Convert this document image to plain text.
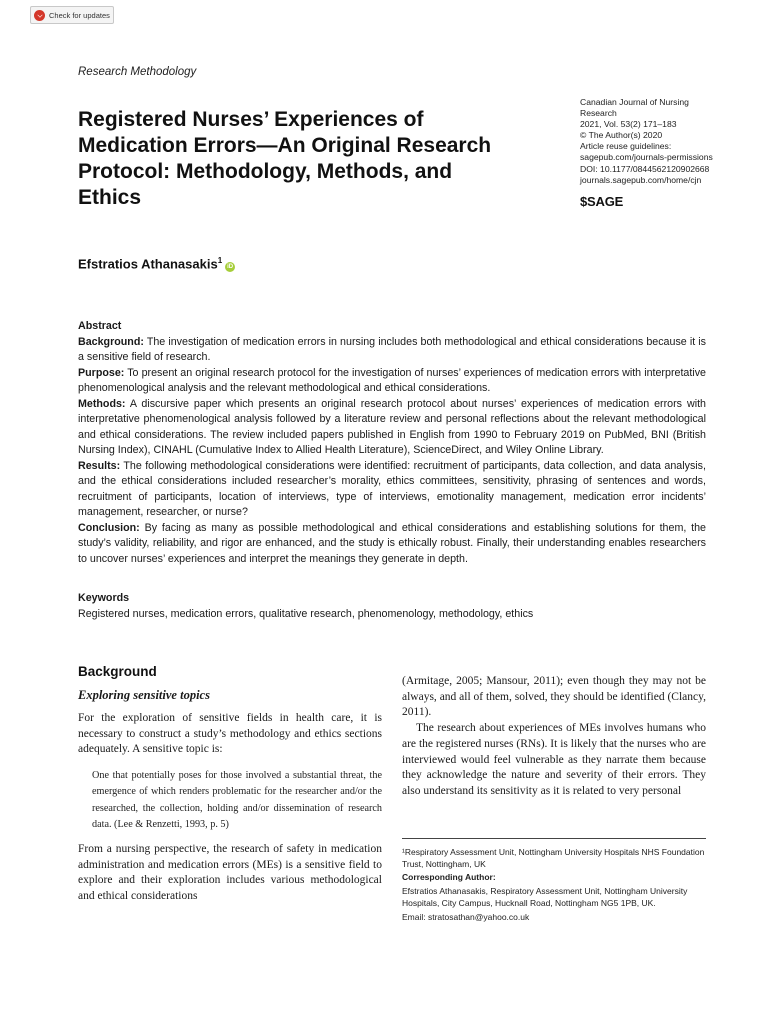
Check for updates
Research Methodology
Registered Nurses’ Experiences of Medication Errors—An Original Research Protocol: Methodology, Methods, and Ethics
Canadian Journal of Nursing
Research
2021, Vol. 53(2) 171–183
© The Author(s) 2020
Article reuse guidelines:
sagepub.com/journals-permissions
DOI: 10.1177/0844562120902668
journals.sagepub.com/home/cjn
$SAGE
Efstratios Athanasakis$^1$iD

Abstract

Background: The investigation of medication errors in nursing includes both methodological and ethical considerations because it is a sensitive field of research.

Purpose: To present an original research protocol for the investigation of nurses’ experiences of medication errors with interpretative phenomenological analysis and the relevant methodological and ethical considerations.

Methods: A discursive paper which presents an original research protocol about nurses’ experiences of medication errors with interpretative phenomenological analysis followed by a literature review and personal reflections about the relevant methodological and ethical considerations. The review included papers published in English from 1990 to February 2019 on PubMed, BNI (British Nursing Index), CINAHL (Cumulative Index to Allied Health Literature), ScienceDirect, and Wiley Online Library.

Results: The following methodological considerations were identified: recruitment of participants, data collection, and data analysis, and the ethical considerations included researcher’s morality, ethics committees, sensitivity, phrasing of sentences and words, recruitment of participants, location of interviews, type of interviews, emotionality management, medication error incidents’ management, researcher, or nurse?

Conclusion: By facing as many as possible methodological and ethical considerations and establishing solutions for them, the study’s validity, reliability, and rigor are enhanced, and the study is ethically robust. Finally, their understanding enables researchers to uncover nurses’ experiences and interpret the meanings they generate in depth.

Keywords
Registered nurses, medication errors, qualitative research, phenomenology, methodology, ethics
Background
Exploring sensitive topics

For the exploration of sensitive fields in health care, it is necessary to construct a study’s methodology and ethics sections adequately. A sensitive topic is:

One that potentially poses for those involved a substantial threat, the emergence of which renders problematic for the researcher and/or the researched, the collection, holding and/or dissemination of research data. (Lee & Renzetti, 1993, p. 5)

From a nursing perspective, the research of safety in medication administration and medication errors (MEs) is a sensitive field to explore and their exploration includes various methodological and ethical considerations

(Armitage, 2005; Mansour, 2011); even though they may not be always, and all of them, solved, they should be identified (Clancy, 2011).

The research about experiences of MEs involves humans who are the registered nurses (RNs). It is likely that the nurses who are interviewed would feel vulnerable as they narrate them because they acknowledge the nature and severity of their errors. They also understand its sensitivity as it is related to very personal

¹Respiratory Assessment Unit, Nottingham University Hospitals NHS Foundation Trust, Nottingham, UK

Corresponding Author:

Efstratios Athanasakis, Respiratory Assessment Unit, Nottingham University Hospitals, City Campus, Hucknall Road, Nottingham NG5 1PB, UK.

Email: stratosathan@yahoo.co.uk
